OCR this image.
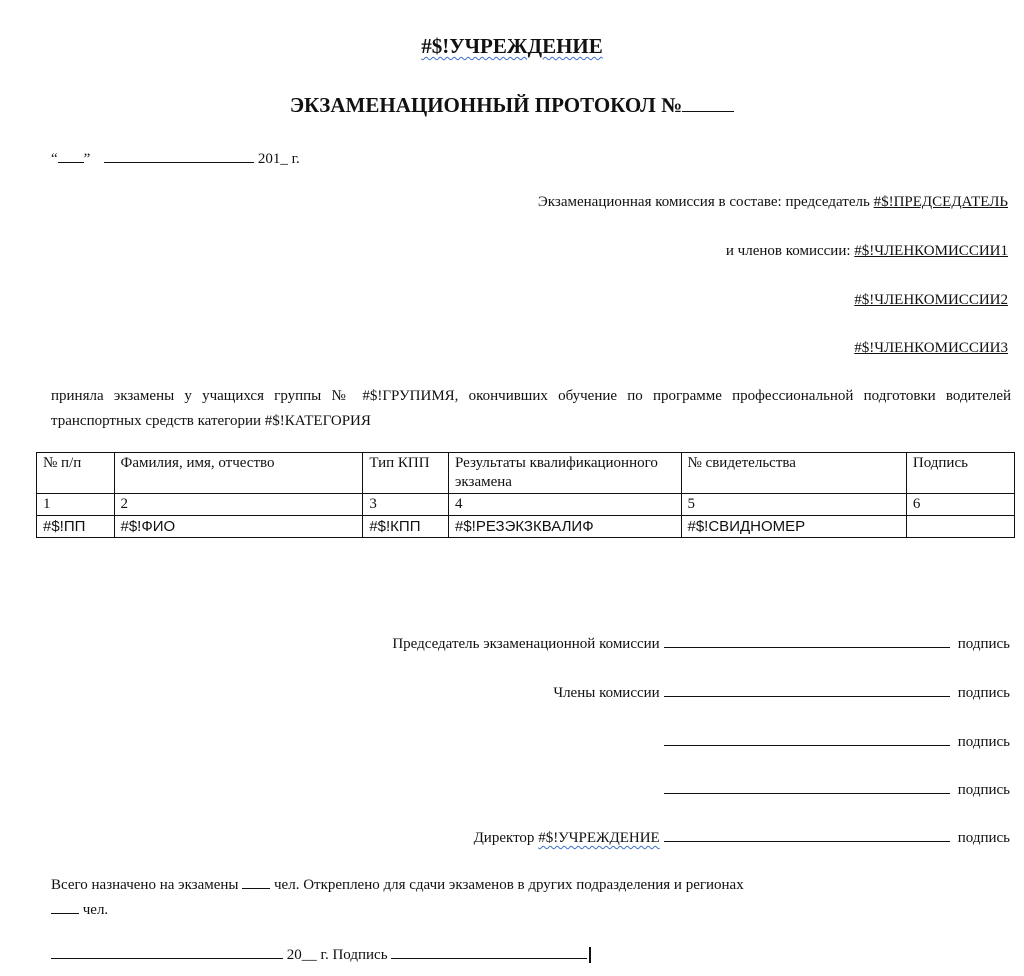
#$!УЧРЕЖДЕНИЕ
ЭКЗАМЕНАЦИОННЫЙ ПРОТОКОЛ №
“ ”	201_ г.
Экзаменационная комиссия в составе: председатель #$!ПРЕДСЕДАТЕЛЬ
и членов комиссии: #$!ЧЛЕНКОМИССИИ1
#$!ЧЛЕНКОМИССИИ2
#$!ЧЛЕНКОМИССИИ3
приняла экзамены у учащихся группы № #$!ГРУПИМЯ, окончивших обучение по программе профессиональной подготовки водителей транспортных средств категории #$!КАТЕГОРИЯ
№ п/п	Фамилия, имя, отчество	Тип КПП	Результаты квалификационного экзамена	№ свидетельства	Подпись
1	2	3	4	5	6
#$!ПП	#$!ФИО	#$!КПП	#$!РЕЗЭКЗКВАЛИФ	#$!СВИДНОМЕР	
Председатель экзаменационной комиссии	подпись
Члены комиссии	подпись
подпись
подпись
Директор #$!УЧРЕЖДЕНИЕ	подпись
Всего назначено на экзамены чел. Откреплено для сдачи экзаменов в других подразделения и регионах
чел.
20__ г. Подпись
